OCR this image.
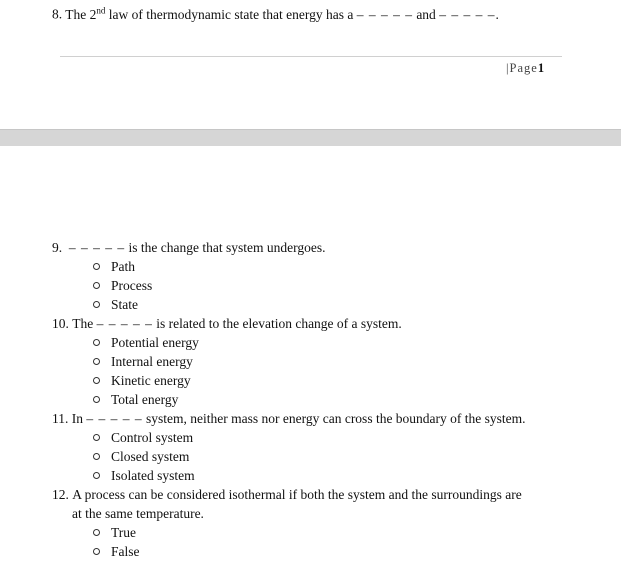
8. The 2nd law of thermodynamic state that energy has a – – – – – and – – – – –.
|Page1
9. – – – – – is the change that system undergoes.
Path
Process
State
10. The – – – – – is related to the elevation change of a system.
Potential energy
Internal energy
Kinetic energy
Total energy
11. In – – – – – system, neither mass nor energy can cross the boundary of the system.
Control system
Closed system
Isolated system
12. A process can be considered isothermal if both the system and the surroundings are
at the same temperature.
True
False
